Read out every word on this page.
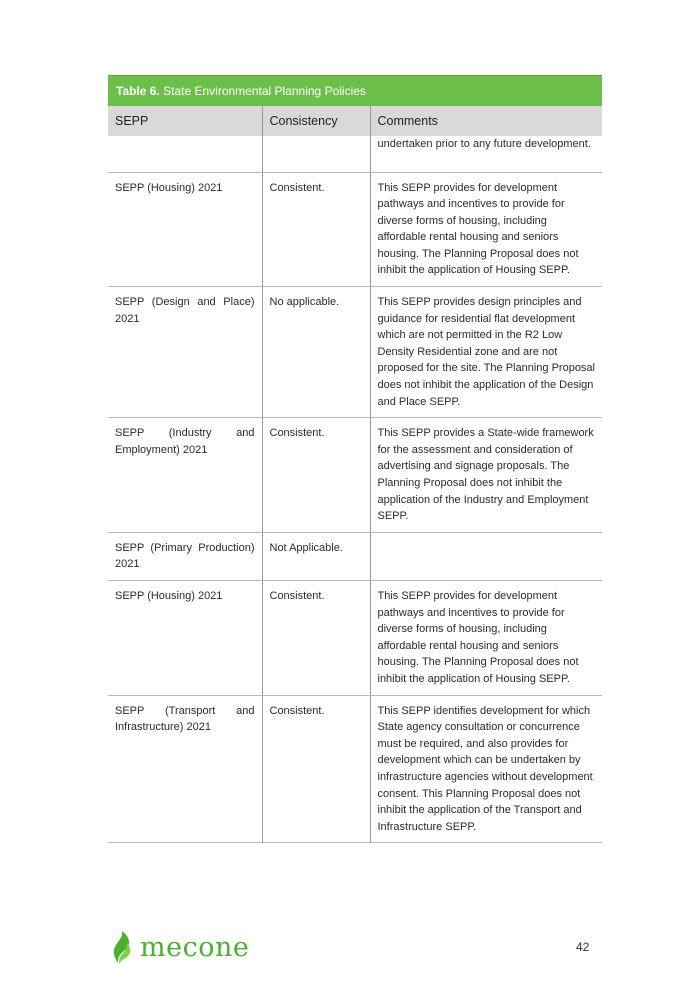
Table 6. State Environmental Planning Policies
SEPP	Consistency	Comments
		undertaken prior to any future development.
SEPP (Housing) 2021	Consistent.	This SEPP provides for development pathways and incentives to provide for diverse forms of housing, including affordable rental housing and seniors housing. The Planning Proposal does not inhibit the application of Housing SEPP.
SEPP (Design and Place) 2021	No applicable.	This SEPP provides design principles and guidance for residential flat development which are not permitted in the R2 Low Density Residential zone and are not proposed for the site. The Planning Proposal does not inhibit the application of the Design and Place SEPP.
SEPP (Industry and Employment) 2021	Consistent.	This SEPP provides a State-wide framework for the assessment and consideration of advertising and signage proposals. The Planning Proposal does not inhibit the application of the Industry and Employment SEPP.
SEPP (Primary Production) 2021	Not Applicable.	
SEPP (Housing) 2021	Consistent.	This SEPP provides for development pathways and incentives to provide for diverse forms of housing, including affordable rental housing and seniors housing. The Planning Proposal does not inhibit the application of Housing SEPP.
SEPP (Transport and Infrastructure) 2021	Consistent.	This SEPP identifies development for which State agency consultation or concurrence must be required, and also provides for development which can be undertaken by infrastructure agencies without development consent. This Planning Proposal does not inhibit the application of the Transport and Infrastructure SEPP.
mecone	42
